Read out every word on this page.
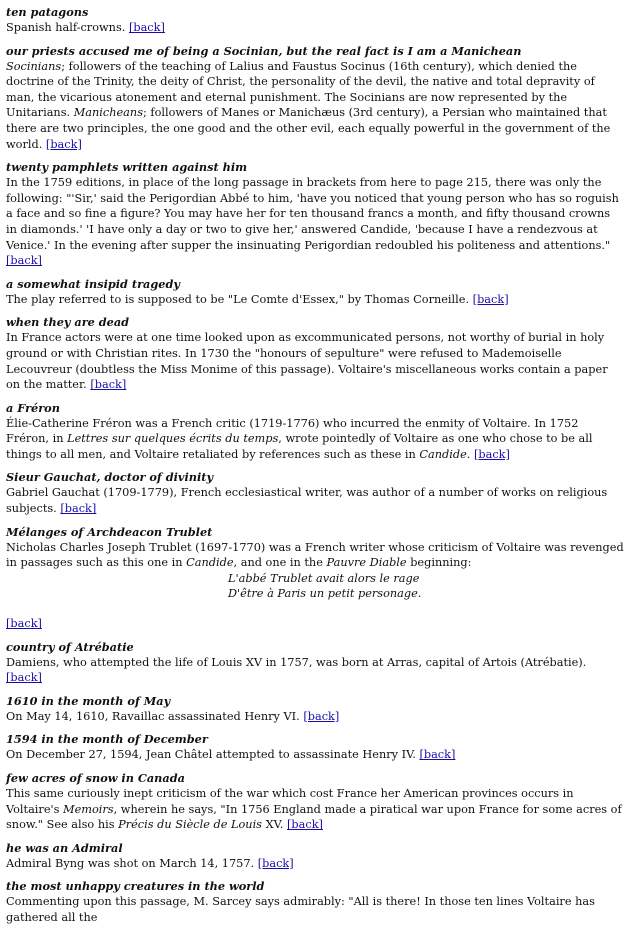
ten patagons
Spanish half-crowns. [back]
our priests accused me of being a Socinian, but the real fact is I am a Manichean
Socinians; followers of the teaching of Lalius and Faustus Socinus (16th century), which denied the doctrine of the Trinity, the deity of Christ, the personality of the devil, the native and total depravity of man, the vicarious atonement and eternal punishment. The Socinians are now represented by the Unitarians. Manicheans; followers of Manes or Manichæus (3rd century), a Persian who maintained that there are two principles, the one good and the other evil, each equally powerful in the government of the world. [back]
twenty pamphlets written against him
In the 1759 editions, in place of the long passage in brackets from here to page 215, there was only the following: "'Sir,' said the Perigordian Abbé to him, 'have you noticed that young person who has so roguish a face and so fine a figure? You may have her for ten thousand francs a month, and fifty thousand crowns in diamonds.' 'I have only a day or two to give her,' answered Candide, 'because I have a rendezvous at Venice.' In the evening after supper the insinuating Perigordian redoubled his politeness and attentions." [back]
a somewhat insipid tragedy
The play referred to is supposed to be "Le Comte d'Essex," by Thomas Corneille. [back]
when they are dead
In France actors were at one time looked upon as excommunicated persons, not worthy of burial in holy ground or with Christian rites. In 1730 the "honours of sepulture" were refused to Mademoiselle Lecouvreur (doubtless the Miss Monime of this passage). Voltaire's miscellaneous works contain a paper on the matter. [back]
a Fréron
Élie-Catherine Fréron was a French critic (1719-1776) who incurred the enmity of Voltaire. In 1752 Fréron, in Lettres sur quelques écrits du temps, wrote pointedly of Voltaire as one who chose to be all things to all men, and Voltaire retaliated by references such as these in Candide. [back]
Sieur Gauchat, doctor of divinity
Gabriel Gauchat (1709-1779), French ecclesiastical writer, was author of a number of works on religious subjects. [back]
Mélanges of Archdeacon Trublet
Nicholas Charles Joseph Trublet (1697-1770) was a French writer whose criticism of Voltaire was revenged in passages such as this one in Candide, and one in the Pauvre Diable beginning:
L'abbé Trublet avait alors le rage
D'être à Paris un petit personage.
[back]
country of Atrébatie
Damiens, who attempted the life of Louis XV in 1757, was born at Arras, capital of Artois (Atrébatie). [back]
1610 in the month of May
On May 14, 1610, Ravaillac assassinated Henry VI. [back]
1594 in the month of December
On December 27, 1594, Jean Châtel attempted to assassinate Henry IV. [back]
few acres of snow in Canada
This same curiously inept criticism of the war which cost France her American provinces occurs in Voltaire's Memoirs, wherein he says, "In 1756 England made a piratical war upon France for some acres of snow." See also his Précis du Siècle de Louis XV. [back]
he was an Admiral
Admiral Byng was shot on March 14, 1757. [back]
the most unhappy creatures in the world
Commenting upon this passage, M. Sarcey says admirably: "All is there! In those ten lines Voltaire has gathered all the
